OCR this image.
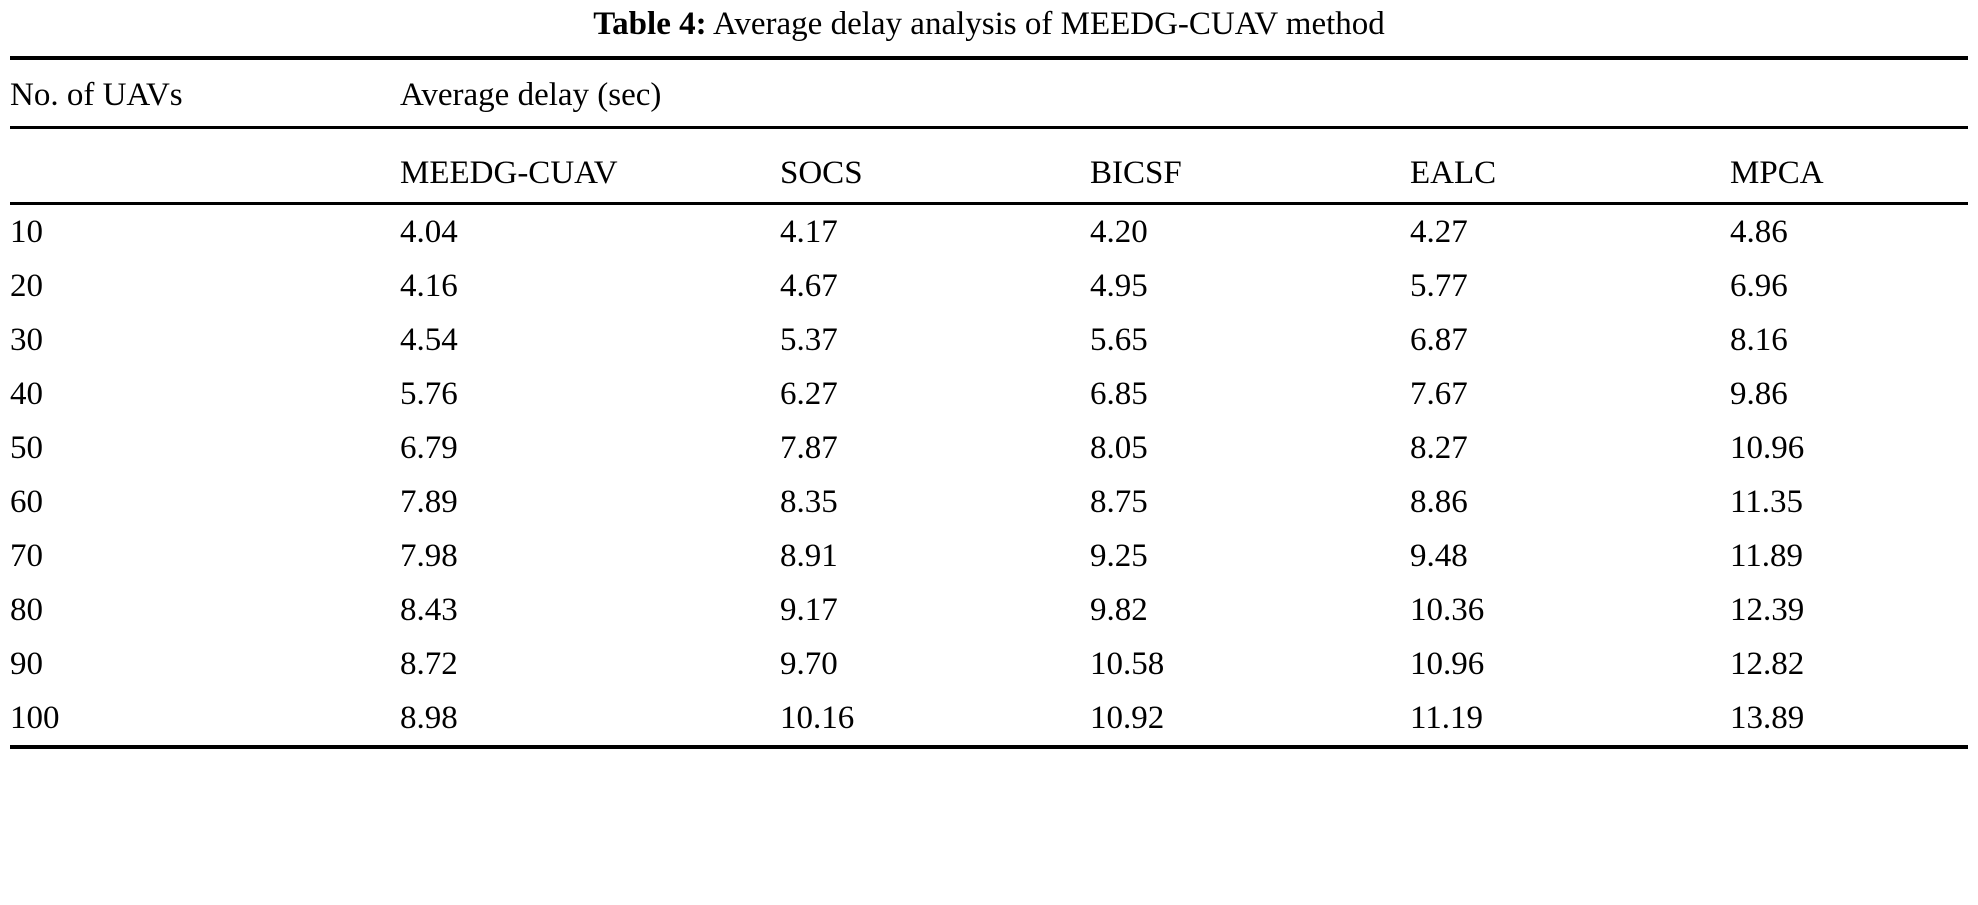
Table 4: Average delay analysis of MEEDG-CUAV method

No. of UAVs	Average delay (sec)				

	MEEDG-CUAV	SOCS	BICSF	EALC	MPCA

10	4.04	4.17	4.20	4.27	4.86
20	4.16	4.67	4.95	5.77	6.96
30	4.54	5.37	5.65	6.87	8.16
40	5.76	6.27	6.85	7.67	9.86
50	6.79	7.87	8.05	8.27	10.96
60	7.89	8.35	8.75	8.86	11.35
70	7.98	8.91	9.25	9.48	11.89
80	8.43	9.17	9.82	10.36	12.39
90	8.72	9.70	10.58	10.96	12.82
100	8.98	10.16	10.92	11.19	13.89
